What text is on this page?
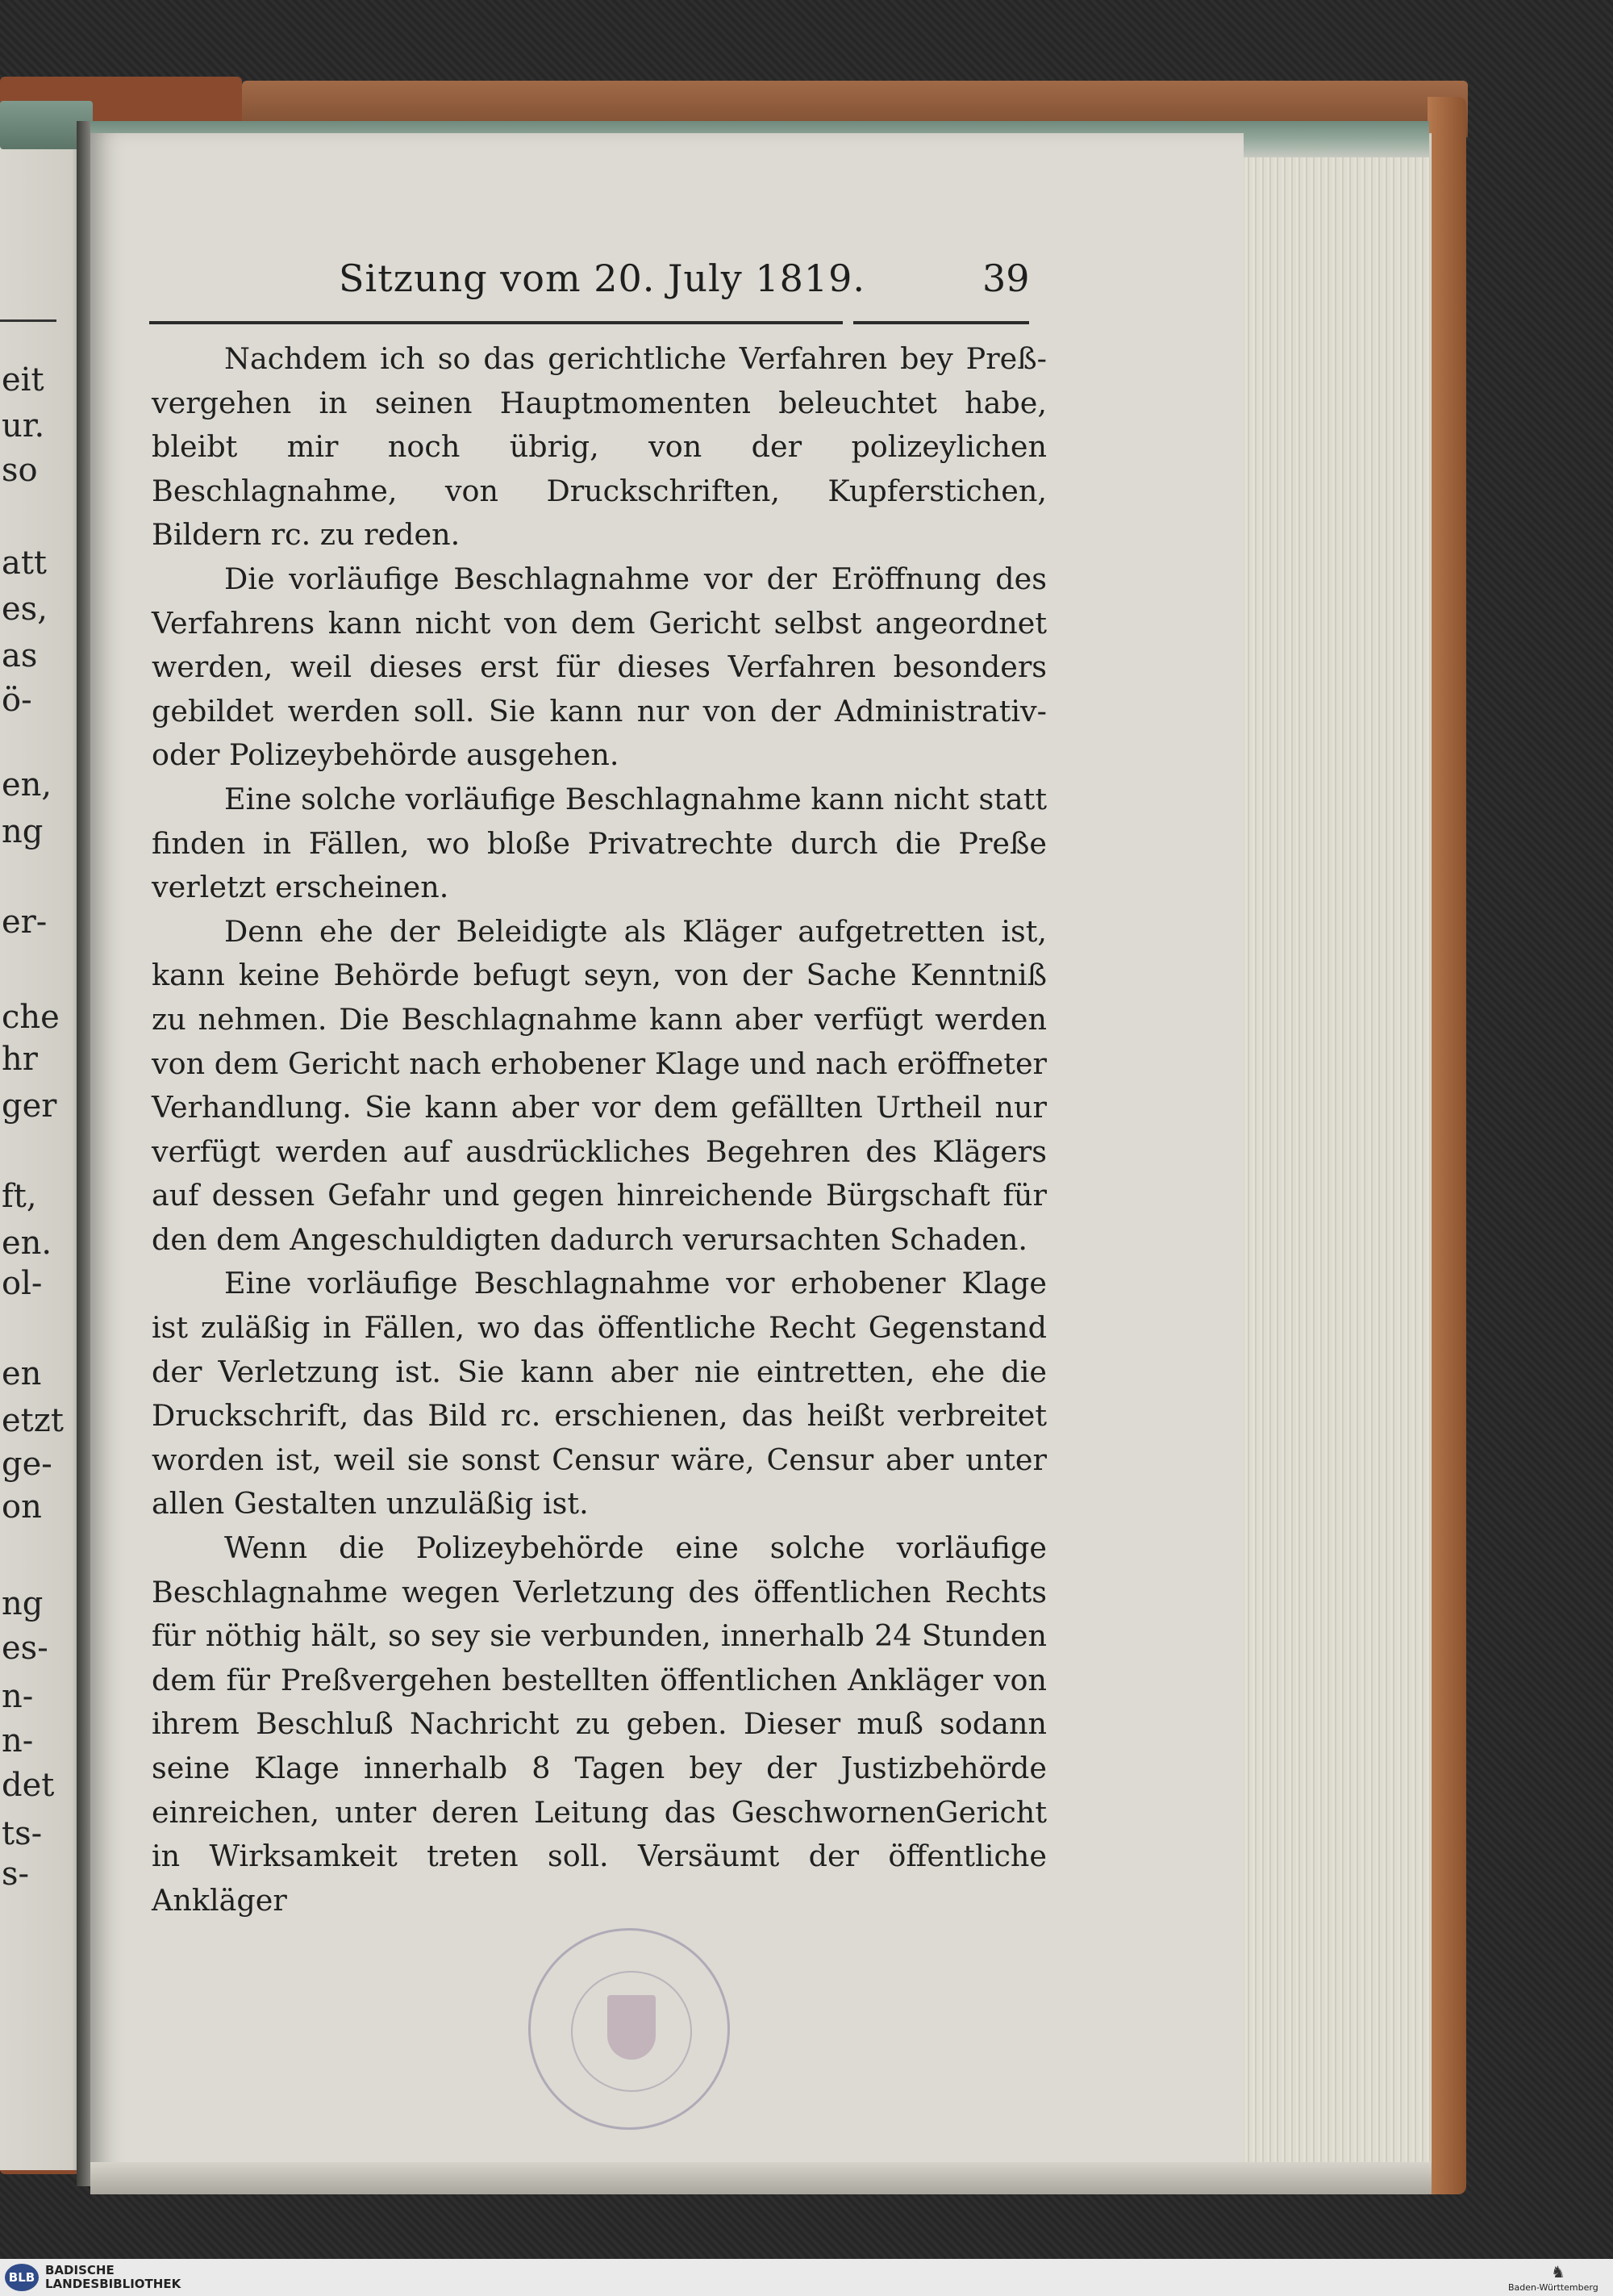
eit
ur.
so
att
es,
as
ö-
en,
ng
er-
che
hr
ger
ft,
en.
ol-
en
etzt
ge-
on
ng
es-
n-
n-
det
ts-
s-
Sitzung vom 20. July 1819.	39

Nachdem ich so das gerichtliche Verfahren bey Preßvergehen in seinen Hauptmomenten beleuchtet habe, bleibt mir noch übrig, von der polizeylichen Beschlagnahme, von Druckschriften, Kupferstichen, Bildern rc. zu reden.

Die vorläufige Beschlagnahme vor der Eröffnung des Verfahrens kann nicht von dem Gericht selbst angeordnet werden, weil dieses erst für dieses Verfahren besonders gebildet werden soll. Sie kann nur von der Administrativ- oder Polizeybehörde ausgehen.

Eine solche vorläufige Beschlagnahme kann nicht statt finden in Fällen, wo bloße Privatrechte durch die Preße verletzt erscheinen.

Denn ehe der Beleidigte als Kläger aufgetretten ist, kann keine Behörde befugt seyn, von der Sache Kenntniß zu nehmen. Die Beschlagnahme kann aber verfügt werden von dem Gericht nach erhobener Klage und nach eröffneter Verhandlung. Sie kann aber vor dem gefällten Urtheil nur verfügt werden auf ausdrückliches Begehren des Klägers auf dessen Gefahr und gegen hinreichende Bürgschaft für den dem Angeschuldigten dadurch verursachten Schaden.

Eine vorläufige Beschlagnahme vor erhobener Klage ist zuläßig in Fällen, wo das öffentliche Recht Gegenstand der Verletzung ist. Sie kann aber nie eintretten, ehe die Druckschrift, das Bild rc. erschienen, das heißt verbreitet worden ist, weil sie sonst Censur wäre, Censur aber unter allen Gestalten unzuläßig ist.

Wenn die Polizeybehörde eine solche vorläufige Beschlagnahme wegen Verletzung des öffentlichen Rechts für nöthig hält, so sey sie verbunden, innerhalb 24 Stunden dem für Preßvergehen bestellten öffentlichen Ankläger von ihrem Beschluß Nachricht zu geben. Dieser muß sodann seine Klage innerhalb 8 Tagen bey der Justizbehörde einreichen, unter deren Leitung das GeschwornenGericht in Wirksamkeit treten soll. Versäumt der öffentliche Ankläger

BLB BADISCHE
LANDESBIBLIOTHEK
♞
Baden-Württemberg
